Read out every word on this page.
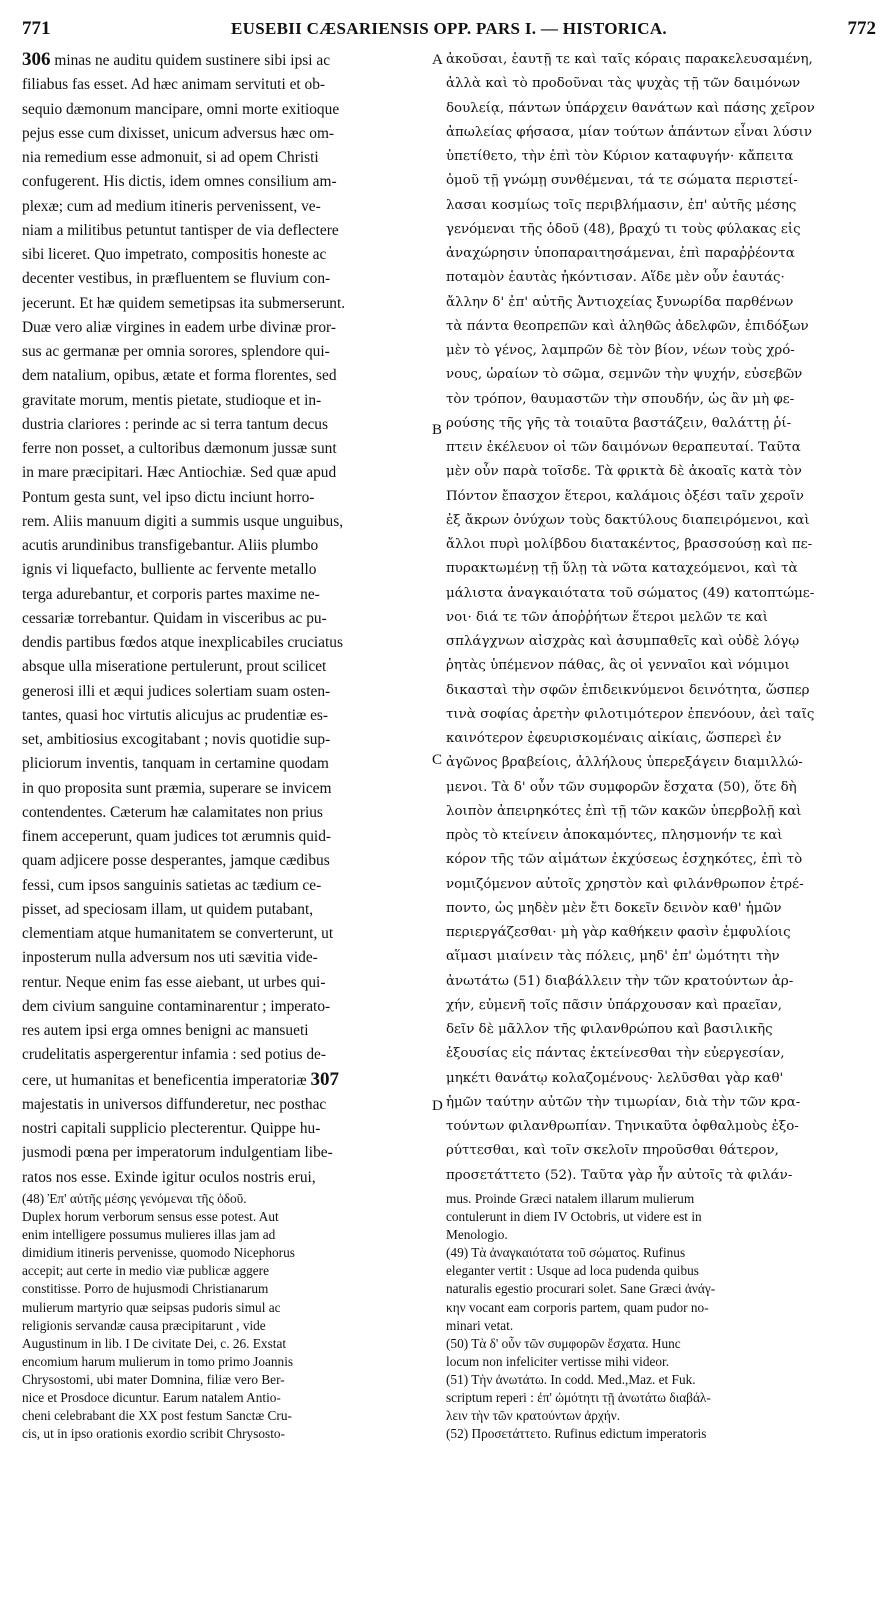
771	EUSEBII CÆSARIENSIS OPP. PARS I. — HISTORICA.	772
306 minas ne auditu quidem sustinere sibi ipsi ac
filiabus fas esset. Ad hæc animam servituti et ob-
sequio dæmonum mancipare, omni morte exitioque
pejus esse cum dixisset, unicum adversus hæc om-
nia remedium esse admonuit, si ad opem Christi
confugerent. His dictis, idem omnes consilium am-
plexæ; cum ad medium itineris pervenissent, ve-
niam a militibus petuntut tantisper de via deflectere
sibi liceret. Quo impetrato, compositis honeste ac
decenter vestibus, in præfluentem se fluvium con-
jecerunt. Et hæ quidem semetipsas ita submerserunt.
Duæ vero aliæ virgines in eadem urbe divinæ pror-
sus ac germanæ per omnia sorores, splendore qui-
dem natalium, opibus, ætate et forma florentes, sed
gravitate morum, mentis pietate, studioque et in-
dustria clariores : perinde ac si terra tantum decus
ferre non posset, a cultoribus dæmonum jussæ sunt
in mare præcipitari. Hæc Antiochiæ. Sed quæ apud
Pontum gesta sunt, vel ipso dictu inciunt horro-
rem. Aliis manuum digiti a summis usque unguibus,
acutis arundinibus transfigebantur. Aliis plumbo
ignis vi liquefacto, bulliente ac fervente metallo
terga adurebantur, et corporis partes maxime ne-
cessariæ torrebantur. Quidam in visceribus ac pu-
dendis partibus fœdos atque inexplicabiles cruciatus
absque ulla miseratione pertulerunt, prout scilicet
generosi illi et æqui judices solertiam suam osten-
tantes, quasi hoc virtutis alicujus ac prudentiæ es-
set, ambitiosius excogitabant ; novis quotidie sup-
pliciorum inventis, tanquam in certamine quodam
in quo proposita sunt præmia, superare se invicem
contendentes. Cæterum hæ calamitates non prius
finem acceperunt, quam judices tot ærumnis quid-
quam adjicere posse desperantes, jamque cædibus
fessi, cum ipsos sanguinis satietas ac tædium ce-
pisset, ad speciosam illam, ut quidem putabant,
clementiam atque humanitatem se converterunt, ut
inposterum nulla adversum nos uti sævitia vide-
rentur. Neque enim fas esse aiebant, ut urbes qui-
dem civium sanguine contaminarentur ; imperato-
res autem ipsi erga omnes benigni ac mansueti
crudelitatis aspergerentur infamia : sed potius de-
cere, ut humanitas et beneficentia imperatoriæ 307
majestatis in universos diffunderetur, nec posthac
nostri capitali supplicio plecterentur. Quippe hu-
jusmodi pœna per imperatorum indulgentiam libe-
ratos nos esse. Exinde igitur oculos nostris erui,
ἀκοῦσαι, ἑαυτῇ τε καὶ ταῖς κόραις παρακελευσαμένη,
ἀλλὰ καὶ τὸ προδοῦναι τὰς ψυχὰς τῇ τῶν δαιμόνων
δουλείᾳ, πάντων ὑπάρχειν θανάτων καὶ πάσης χεῖρον
ἀπωλείας φήσασα, μίαν τούτων ἁπάντων εἶναι λύσιν
ὑπετίθετο, τὴν ἐπὶ τὸν Κύριον καταφυγήν· κἄπειτα
ὁμοῦ τῇ γνώμῃ συνθέμεναι, τά τε σώματα περιστεί-
λασαι κοσμίως τοῖς περιβλήμασιν, ἐπ' αὐτῆς μέσης
γενόμεναι τῆς ὁδοῦ (48), βραχύ τι τοὺς φύλακας εἰς
ἀναχώρησιν ὑποπαραιτησάμεναι, ἐπὶ παραῤῥέοντα
ποταμὸν ἑαυτὰς ἠκόντισαν. Αἵδε μὲν οὖν ἑαυτάς·
ἄλλην δ' ἐπ' αὐτῆς Ἀντιοχείας ξυνωρίδα παρθένων
τὰ πάντα θεοπρεπῶν καὶ ἀληθῶς ἀδελφῶν, ἐπιδόξων
μὲν τὸ γένος, λαμπρῶν δὲ τὸν βίον, νέων τοὺς χρό-
νους, ὡραίων τὸ σῶμα, σεμνῶν τὴν ψυχήν, εὐσεβῶν
τὸν τρόπον, θαυμαστῶν τὴν σπουδήν, ὡς ἂν μὴ φε-
ρούσης τῆς γῆς τὰ τοιαῦτα βαστάζειν, θαλάττῃ ῥί-
πτειν ἐκέλευον οἱ τῶν δαιμόνων θεραπευταί. Ταῦτα
μὲν οὖν παρὰ τοῖσδε. Τὰ φρικτὰ δὲ ἀκοαῖς κατὰ τὸν
Πόντον ἔπασχον ἕτεροι, καλάμοις ὀξέσι ταῖν χεροῖν
ἐξ ἄκρων ὀνύχων τοὺς δακτύλους διαπειρόμενοι, καὶ
ἄλλοι πυρὶ μολίβδου διατακέντος, βρασσούσῃ καὶ πε-
πυρακτωμένῃ τῇ ὕλῃ τὰ νῶτα καταχεόμενοι, καὶ τὰ
μάλιστα ἀναγκαιότατα τοῦ σώματος (49) κατοπτώμε-
νοι· διά τε τῶν ἀποῤῥήτων ἕτεροι μελῶν τε καὶ
σπλάγχνων αἰσχρὰς καὶ ἀσυμπαθεῖς καὶ οὐδὲ λόγῳ
ῥητὰς ὑπέμενον πάθας, ἃς οἱ γενναῖοι καὶ νόμιμοι
δικασταὶ τὴν σφῶν ἐπιδεικνύμενοι δεινότητα, ὥσπερ
τινὰ σοφίας ἀρετὴν φιλοτιμότερον ἐπενόουν, ἀεὶ ταῖς
καινότερον ἐφευρισκομέναις αἰκίαις, ὥσπερεὶ ἐν
ἀγῶνος βραβείοις, ἀλλήλους ὑπερεξάγειν διαμιλλώ-
μενοι. Τὰ δ' οὖν τῶν συμφορῶν ἔσχατα (50), ὅτε δὴ
λοιπὸν ἀπειρηκότες ἐπὶ τῇ τῶν κακῶν ὑπερβολῇ καὶ
πρὸς τὸ κτείνειν ἀποκαμόντες, πλησμονήν τε καὶ
κόρον τῆς τῶν αἱμάτων ἐκχύσεως ἐσχηκότες, ἐπὶ τὸ
νομιζόμενον αὐτοῖς χρηστὸν καὶ φιλάνθρωπον ἐτρέ-
ποντο, ὡς μηδὲν μὲν ἔτι δοκεῖν δεινὸν καθ' ἡμῶν
περιεργάζεσθαι· μὴ γὰρ καθήκειν φασὶν ἐμφυλίοις
αἵμασι μιαίνειν τὰς πόλεις, μηδ' ἐπ' ὠμότητι τὴν
ἀνωτάτω (51) διαβάλλειν τὴν τῶν κρατούντων ἀρ-
χήν, εὐμενῆ τοῖς πᾶσιν ὑπάρχουσαν καὶ πραεῖαν,
δεῖν δὲ μᾶλλον τῆς φιλανθρώπου καὶ βασιλικῆς
ἐξουσίας εἰς πάντας ἐκτείνεσθαι τὴν εὐεργεσίαν,
μηκέτι θανάτῳ κολαζομένους· λελῦσθαι γὰρ καθ'
ἡμῶν ταύτην αὐτῶν τὴν τιμωρίαν, διὰ τὴν τῶν κρα-
τούντων φιλανθρωπίαν. Τηνικαῦτα ὀφθαλμοὺς ἐξο-
ρύττεσθαι, καὶ τοῖν σκελοῖν πηροῦσθαι θάτερον,
προσετάττετο (52). Ταῦτα γὰρ ἦν αὐτοῖς τὰ φιλάν-
A
B
C
D
(48) Ἐπ' αὐτῆς μέσης γενόμεναι τῆς ὁδοῦ.
Duplex horum verborum sensus esse potest. Aut
enim intelligere possumus mulieres illas jam ad
dimidium itineris pervenisse, quomodo Nicephorus
accepit; aut certe in medio viæ publicæ aggere
constitisse. Porro de hujusmodi Christianarum
mulierum martyrio quæ seipsas pudoris simul ac
religionis servandæ causa præcipitarunt , vide
Augustinum in lib. I De civitate Dei, c. 26. Exstat
encomium harum mulierum in tomo primo Joannis
Chrysostomi, ubi mater Domnina, filiæ vero Ber-
nice et Prosdoce dicuntur. Earum natalem Antio-
cheni celebrabant die XX post festum Sanctæ Cru-
cis, ut in ipso orationis exordio scribit Chrysosto-
mus. Proinde Græci natalem illarum mulierum
contulerunt in diem IV Octobris, ut videre est in
Menologio.
(49) Τὰ ἀναγκαιότατα τοῦ σώματος. Rufinus
eleganter vertit : Usque ad loca pudenda quibus
naturalis egestio procurari solet. Sane Græci ἀνάγ-
κην vocant eam corporis partem, quam pudor no-
minari vetat.
(50) Τὰ δ' οὖν τῶν συμφορῶν ἔσχατα. Hunc
locum non infeliciter vertisse mihi videor.
(51) Τὴν ἀνωτάτω. In codd. Med.,Maz. et Fuk.
scriptum reperi : ἐπ' ὠμότητι τῇ ἀνωτάτω διαβάλ-
λειν τὴν τῶν κρατούντων ἀρχήν.
(52) Προσετάττετο. Rufinus edictum imperatoris
